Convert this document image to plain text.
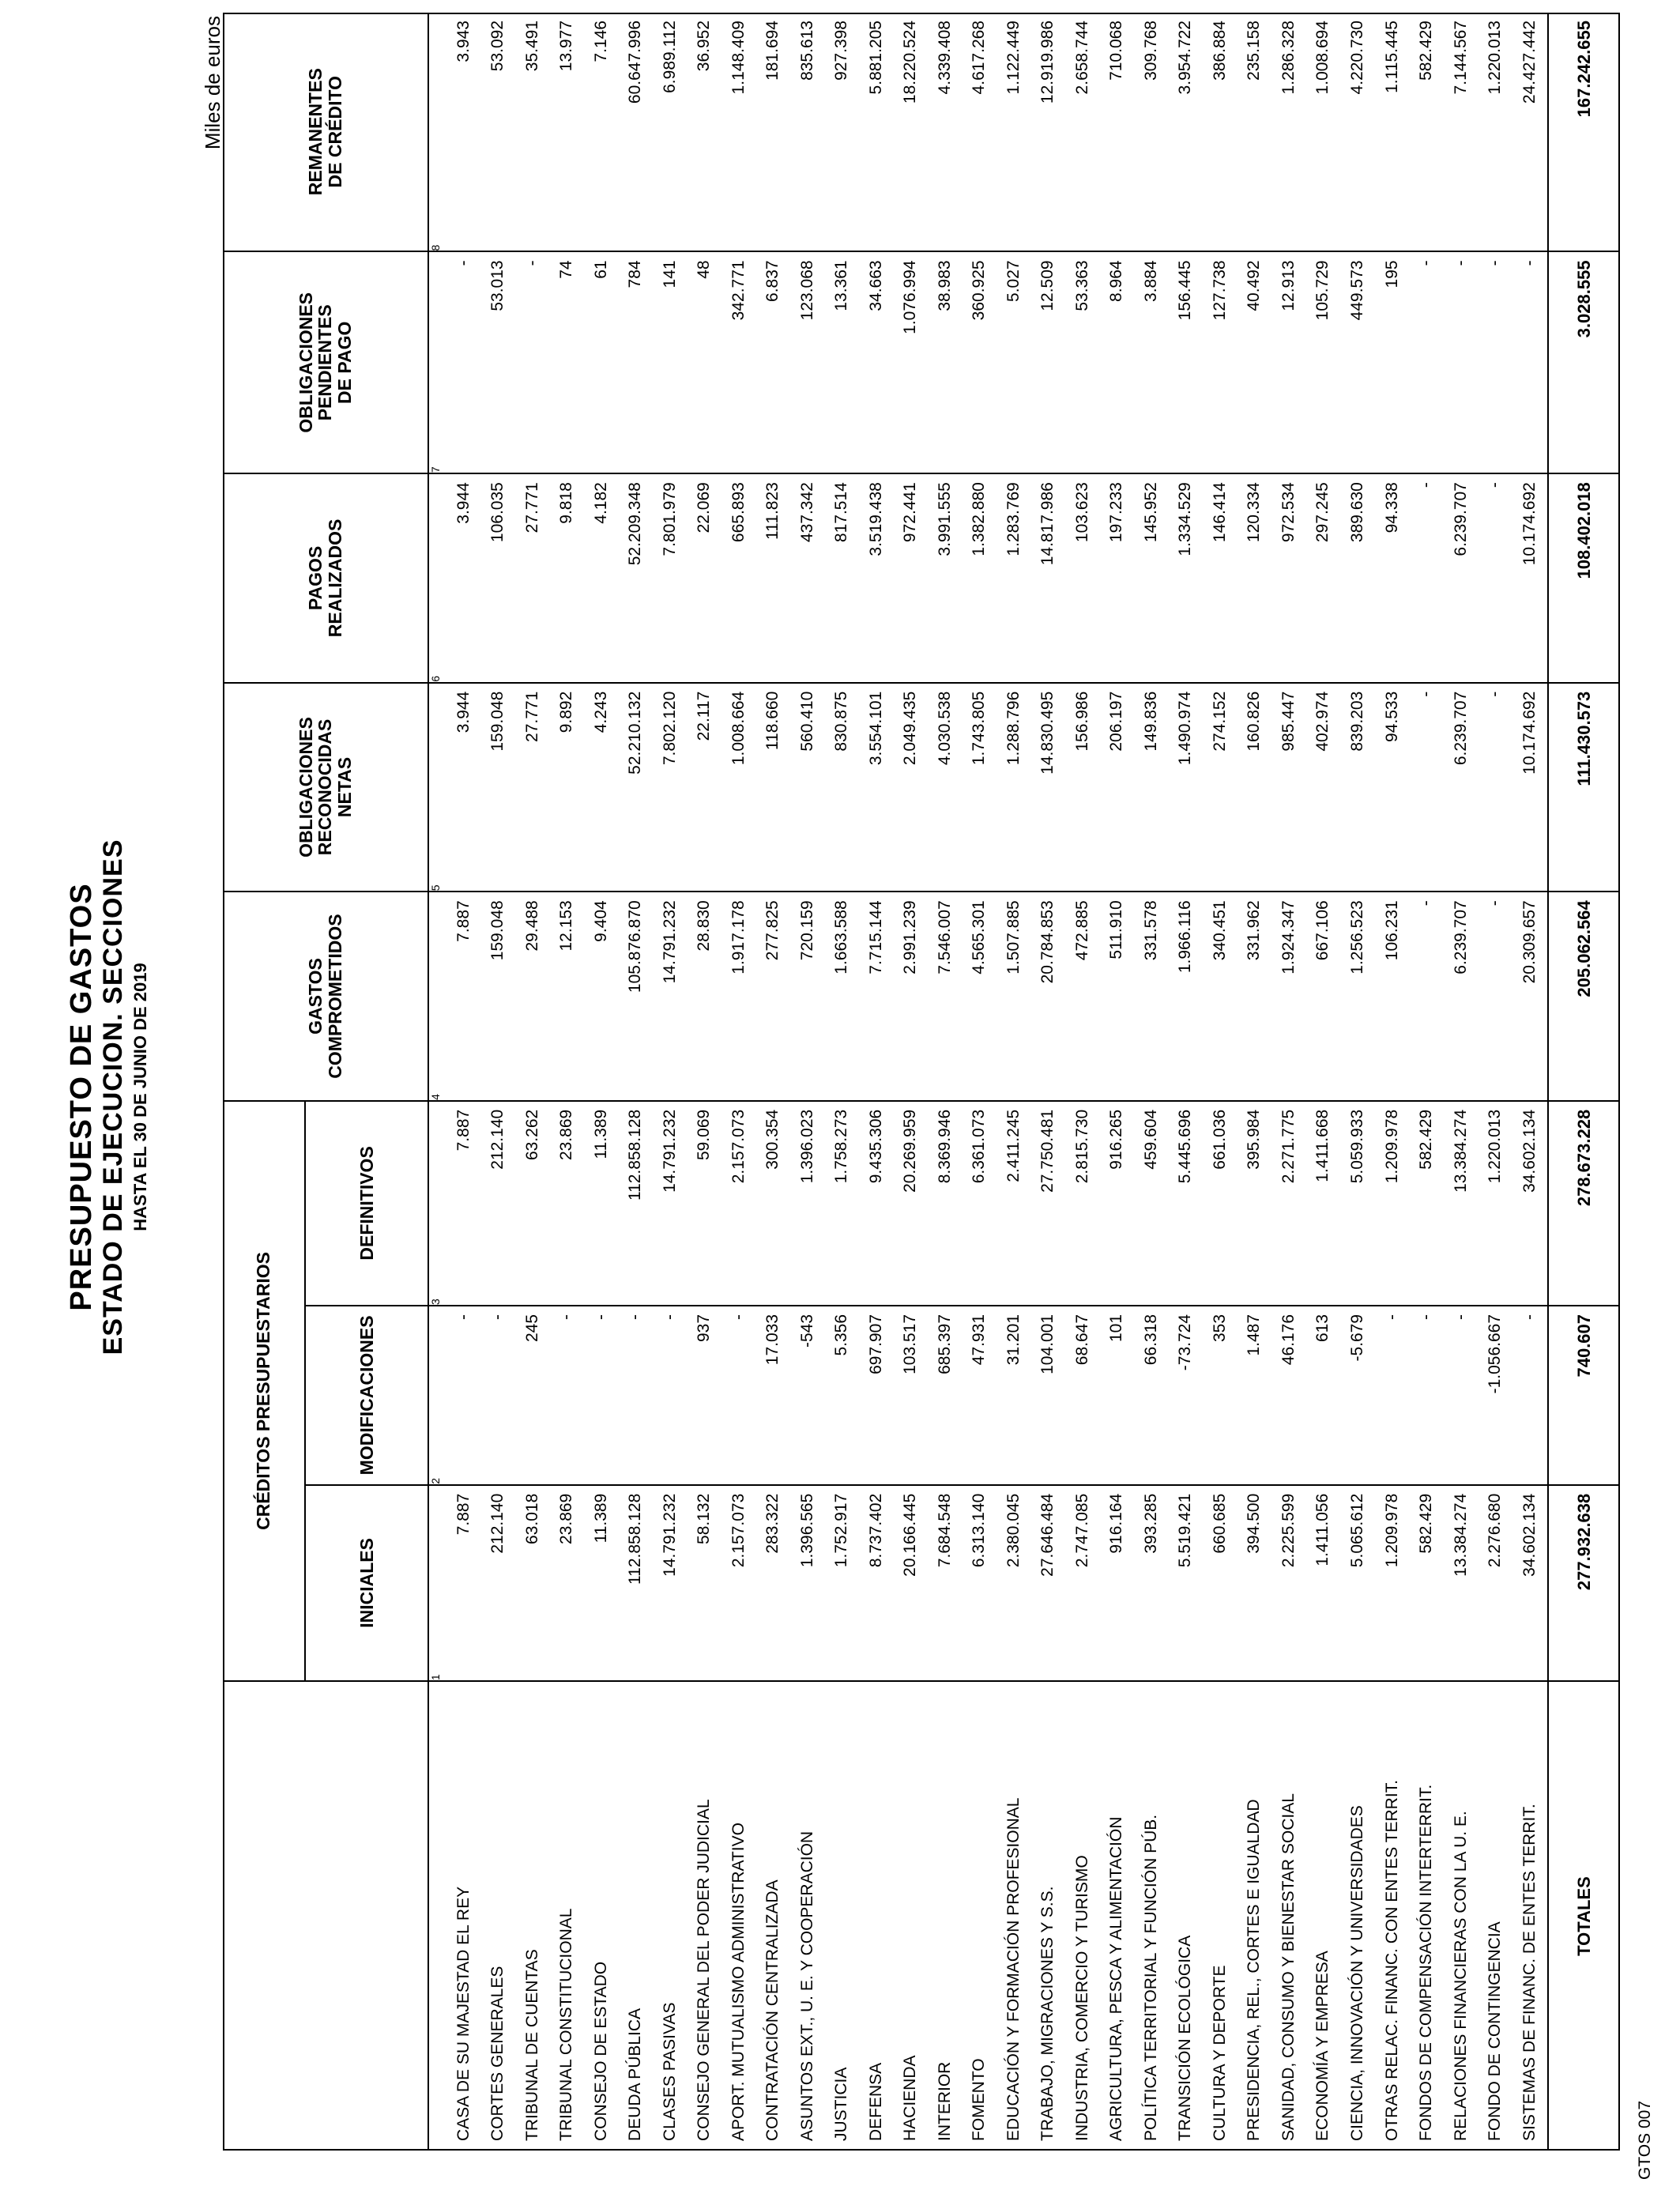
PRESUPUESTO DE GASTOS ESTADO DE EJECUCION. SECCIONES HASTA EL 30 DE JUNIO DE 2019
Miles de euros
	CRÉDITOS PRESUPUESTARIOS			GASTOS
COMPROMETIDOS	OBLIGACIONES
RECONOCIDAS
NETAS	PAGOS
REALIZADOS	OBLIGACIONES
PENDIENTES
DE PAGO	REMANENTES
DE CRÉDITO
	INICIALES	MODIFICACIONES	DEFINITIVOS					
	1	2	3	4	5	6	7	8
CASA DE SU MAJESTAD EL REY	7.887	-	7.887	7.887	3.944	3.944	-	3.943
CORTES GENERALES	212.140	-	212.140	159.048	159.048	106.035	53.013	53.092
TRIBUNAL DE CUENTAS	63.018	245	63.262	29.488	27.771	27.771	-	35.491
TRIBUNAL CONSTITUCIONAL	23.869	-	23.869	12.153	9.892	9.818	74	13.977
CONSEJO DE ESTADO	11.389	-	11.389	9.404	4.243	4.182	61	7.146
DEUDA PÚBLICA	112.858.128	-	112.858.128	105.876.870	52.210.132	52.209.348	784	60.647.996
CLASES PASIVAS	14.791.232	-	14.791.232	14.791.232	7.802.120	7.801.979	141	6.989.112
CONSEJO GENERAL DEL PODER JUDICIAL	58.132	937	59.069	28.830	22.117	22.069	48	36.952
APORT. MUTUALISMO ADMINISTRATIVO	2.157.073	-	2.157.073	1.917.178	1.008.664	665.893	342.771	1.148.409
CONTRATACIÓN CENTRALIZADA	283.322	17.033	300.354	277.825	118.660	111.823	6.837	181.694
ASUNTOS EXT., U. E. Y COOPERACIÓN	1.396.565	-543	1.396.023	720.159	560.410	437.342	123.068	835.613
JUSTICIA	1.752.917	5.356	1.758.273	1.663.588	830.875	817.514	13.361	927.398
DEFENSA	8.737.402	697.907	9.435.306	7.715.144	3.554.101	3.519.438	34.663	5.881.205
HACIENDA	20.166.445	103.517	20.269.959	2.991.239	2.049.435	972.441	1.076.994	18.220.524
INTERIOR	7.684.548	685.397	8.369.946	7.546.007	4.030.538	3.991.555	38.983	4.339.408
FOMENTO	6.313.140	47.931	6.361.073	4.565.301	1.743.805	1.382.880	360.925	4.617.268
EDUCACIÓN Y FORMACIÓN PROFESIONAL	2.380.045	31.201	2.411.245	1.507.885	1.288.796	1.283.769	5.027	1.122.449
TRABAJO, MIGRACIONES Y S.S.	27.646.484	104.001	27.750.481	20.784.853	14.830.495	14.817.986	12.509	12.919.986
INDUSTRIA, COMERCIO Y TURISMO	2.747.085	68.647	2.815.730	472.885	156.986	103.623	53.363	2.658.744
AGRICULTURA, PESCA Y ALIMENTACIÓN	916.164	101	916.265	511.910	206.197	197.233	8.964	710.068
POLÍTICA TERRITORIAL Y FUNCIÓN PÚB.	393.285	66.318	459.604	331.578	149.836	145.952	3.884	309.768
TRANSICIÓN ECOLÓGICA	5.519.421	-73.724	5.445.696	1.966.116	1.490.974	1.334.529	156.445	3.954.722
CULTURA Y DEPORTE	660.685	353	661.036	340.451	274.152	146.414	127.738	386.884
PRESIDENCIA, REL., CORTES E IGUALDAD	394.500	1.487	395.984	331.962	160.826	120.334	40.492	235.158
SANIDAD, CONSUMO Y BIENESTAR SOCIAL	2.225.599	46.176	2.271.775	1.924.347	985.447	972.534	12.913	1.286.328
ECONOMÍA Y EMPRESA	1.411.056	613	1.411.668	667.106	402.974	297.245	105.729	1.008.694
CIENCIA, INNOVACIÓN Y UNIVERSIDADES	5.065.612	-5.679	5.059.933	1.256.523	839.203	389.630	449.573	4.220.730
OTRAS RELAC. FINANC. CON ENTES TERRIT.	1.209.978	-	1.209.978	106.231	94.533	94.338	195	1.115.445
FONDOS DE COMPENSACIÓN INTERTERRIT.	582.429	-	582.429	-	-	-	-	582.429
RELACIONES FINANCIERAS CON LA U. E.	13.384.274	-	13.384.274	6.239.707	6.239.707	6.239.707	-	7.144.567
FONDO DE CONTINGENCIA	2.276.680	-1.056.667	1.220.013	-	-	-	-	1.220.013
SISTEMAS DE FINANC. DE ENTES TERRIT.	34.602.134	-	34.602.134	20.309.657	10.174.692	10.174.692	-	24.427.442

TOTALES	277.932.638	740.607	278.673.228	205.062.564	111.430.573	108.402.018	3.028.555	167.242.655
GTOS 007
